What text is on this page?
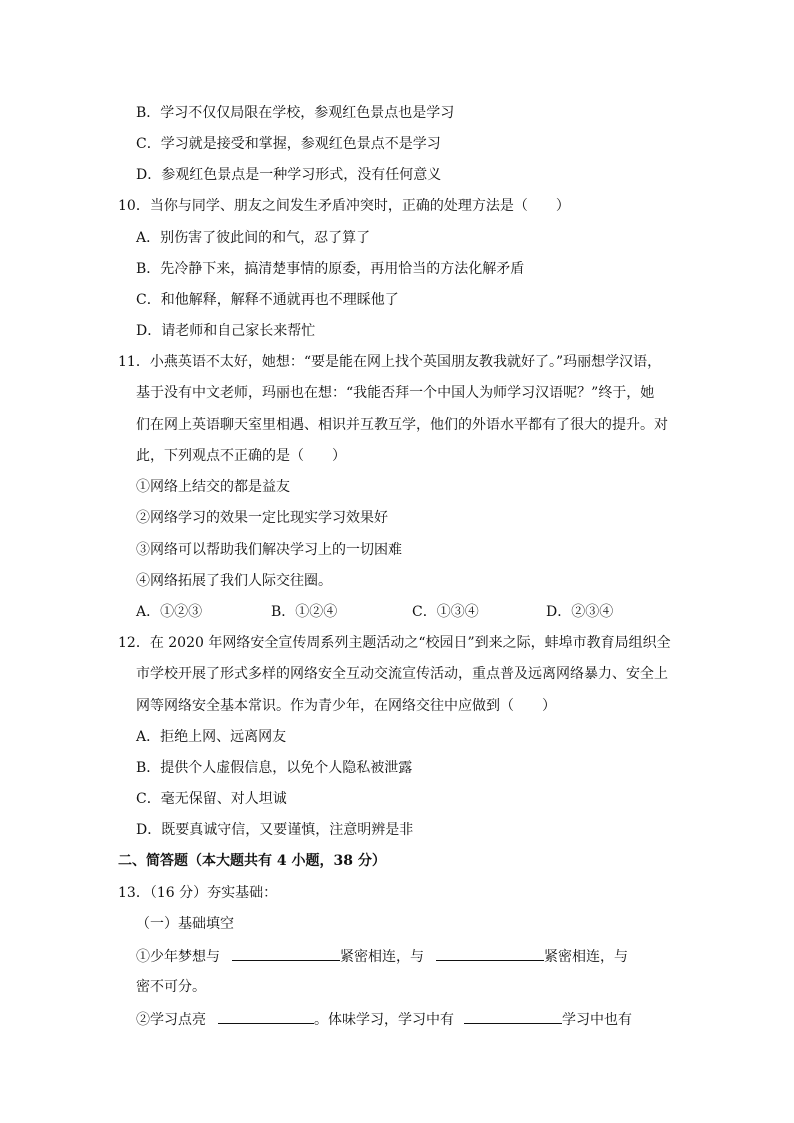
B．学习不仅仅局限在学校，参观红色景点也是学习
C．学习就是接受和掌握，参观红色景点不是学习
D．参观红色景点是一种学习形式，没有任何意义
10．当你与同学、朋友之间发生矛盾冲突时，正确的处理方法是（　　）
A．别伤害了彼此间的和气，忍了算了
B．先冷静下来，搞清楚事情的原委，再用恰当的方法化解矛盾
C．和他解释，解释不通就再也不理睬他了
D．请老师和自己家长来帮忙
11．小燕英语不太好，她想：“要是能在网上找个英国朋友教我就好了。”玛丽想学汉语，
基于没有中文老师，玛丽也在想：“我能否拜一个中国人为师学习汉语呢？”终于，她
们在网上英语聊天室里相遇、相识并互教互学，他们的外语水平都有了很大的提升。对
此，下列观点不正确的是（　　）
①网络上结交的都是益友
②网络学习的效果一定比现实学习效果好
③网络可以帮助我们解决学习上的一切困难
④网络拓展了我们人际交往圈。
A．①②③	B．①②④	C．①③④	D．②③④
12．在 2020 年网络安全宣传周系列主题活动之“校园日”到来之际，蚌埠市教育局组织全
市学校开展了形式多样的网络安全互动交流宣传活动，重点普及远离网络暴力、安全上
网等网络安全基本常识。作为青少年，在网络交往中应做到（　　）
A．拒绝上网、远离网友
B．提供个人虚假信息，以免个人隐私被泄露
C．毫无保留、对人坦诚
D．既要真诚守信，又要谨慎，注意明辨是非
二、简答题（本大题共有 4 小题，38 分）
13．（16 分）夯实基础：
（一）基础填空
①少年梦想与	紧密相连，与	紧密相连，与
密不可分。
②学习点亮	。体味学习，学习中有	学习中也有
